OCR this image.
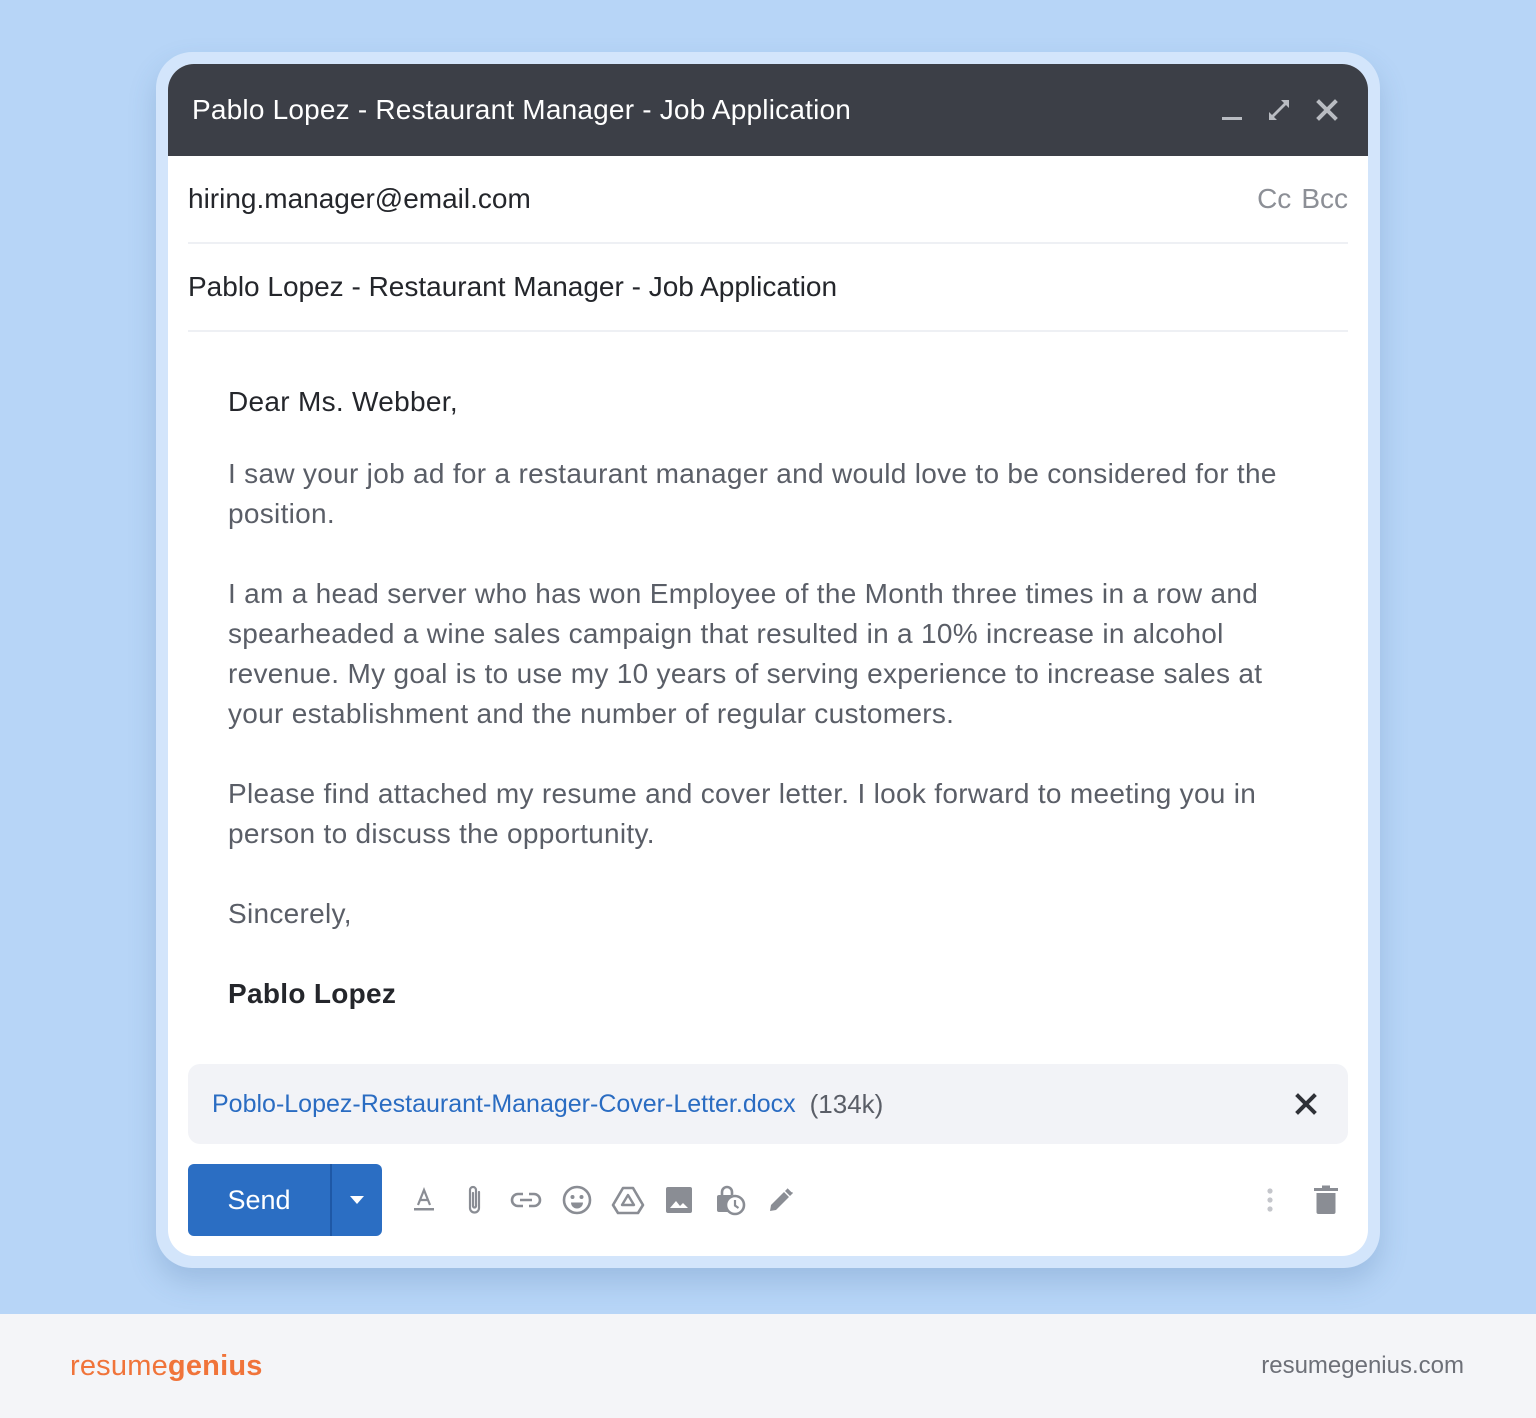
Pablo Lopez - Restaurant Manager - Job Application
hiring.manager@email.com	Cc Bcc
Pablo Lopez - Restaurant Manager - Job Application
Dear Ms. Webber,
I saw your job ad for a restaurant manager and would love to be considered for the position.
I am a head server who has won Employee of the Month three times in a row and spearheaded a wine sales campaign that resulted in a 10% increase in alcohol revenue. My goal is to use my 10 years of serving experience to increase sales at your establishment and the number of regular customers.
Please find attached my resume and cover letter. I look forward to meeting you in person to discuss the opportunity.
Sincerely,
Pablo Lopez
Poblo-Lopez-Restaurant-Manager-Cover-Letter.docx (134k)
Send
resumegenius	resumegenius.com
